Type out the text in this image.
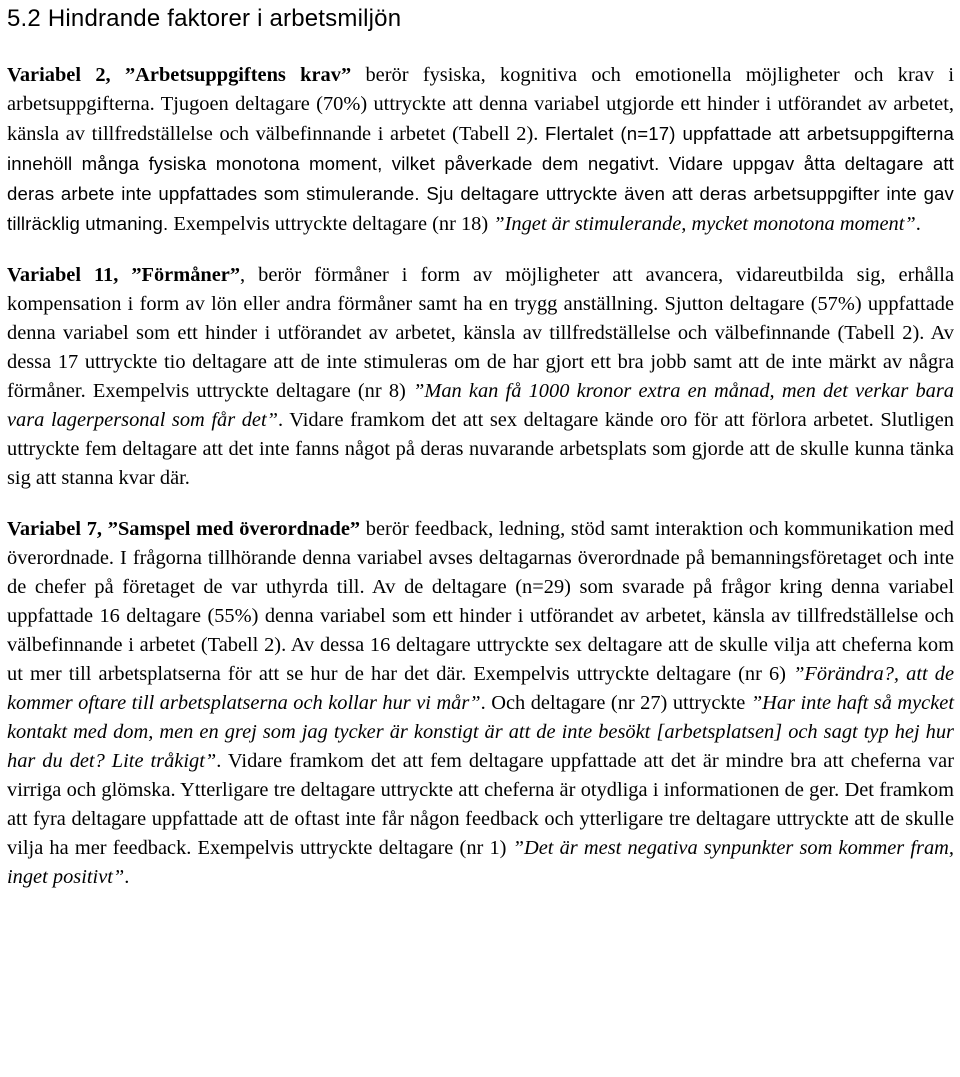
5.2 Hindrande faktorer i arbetsmiljön

Variabel 2, ”Arbetsuppgiftens krav” berör fysiska, kognitiva och emotionella möjligheter och krav i arbetsuppgifterna. Tjugoen deltagare (70%) uttryckte att denna variabel utgjorde ett hinder i utförandet av arbetet, känsla av tillfredställelse och välbefinnande i arbetet (Tabell 2). Flertalet (n=17) uppfattade att arbetsuppgifterna innehöll många fysiska monotona moment, vilket påverkade dem negativt. Vidare uppgav åtta deltagare att deras arbete inte uppfattades som stimulerande. Sju deltagare uttryckte även att deras arbetsuppgifter inte gav tillräcklig utmaning. Exempelvis uttryckte deltagare (nr 18) ”Inget är stimulerande, mycket monotona moment”.

Variabel 11, ”Förmåner”, berör förmåner i form av möjligheter att avancera, vidareutbilda sig, erhålla kompensation i form av lön eller andra förmåner samt ha en trygg anställning. Sjutton deltagare (57%) uppfattade denna variabel som ett hinder i utförandet av arbetet, känsla av tillfredställelse och välbefinnande (Tabell 2). Av dessa 17 uttryckte tio deltagare att de inte stimuleras om de har gjort ett bra jobb samt att de inte märkt av några förmåner. Exempelvis uttryckte deltagare (nr 8) ”Man kan få 1000 kronor extra en månad, men det verkar bara vara lagerpersonal som får det”. Vidare framkom det att sex deltagare kände oro för att förlora arbetet. Slutligen uttryckte fem deltagare att det inte fanns något på deras nuvarande arbetsplats som gjorde att de skulle kunna tänka sig att stanna kvar där.

Variabel 7, ”Samspel med överordnade” berör feedback, ledning, stöd samt interaktion och kommunikation med överordnade. I frågorna tillhörande denna variabel avses deltagarnas överordnade på bemanningsföretaget och inte de chefer på företaget de var uthyrda till. Av de deltagare (n=29) som svarade på frågor kring denna variabel uppfattade 16 deltagare (55%) denna variabel som ett hinder i utförandet av arbetet, känsla av tillfredställelse och välbefinnande i arbetet (Tabell 2). Av dessa 16 deltagare uttryckte sex deltagare att de skulle vilja att cheferna kom ut mer till arbetsplatserna för att se hur de har det där. Exempelvis uttryckte deltagare (nr 6) ”Förändra?, att de kommer oftare till arbetsplatserna och kollar hur vi mår”. Och deltagare (nr 27) uttryckte ”Har inte haft så mycket kontakt med dom, men en grej som jag tycker är konstigt är att de inte besökt [arbetsplatsen] och sagt typ hej hur har du det? Lite tråkigt”. Vidare framkom det att fem deltagare uppfattade att det är mindre bra att cheferna var virriga och glömska. Ytterligare tre deltagare uttryckte att cheferna är otydliga i informationen de ger. Det framkom att fyra deltagare uppfattade att de oftast inte får någon feedback och ytterligare tre deltagare uttryckte att de skulle vilja ha mer feedback. Exempelvis uttryckte deltagare (nr 1) ”Det är mest negativa synpunkter som kommer fram, inget positivt”.
